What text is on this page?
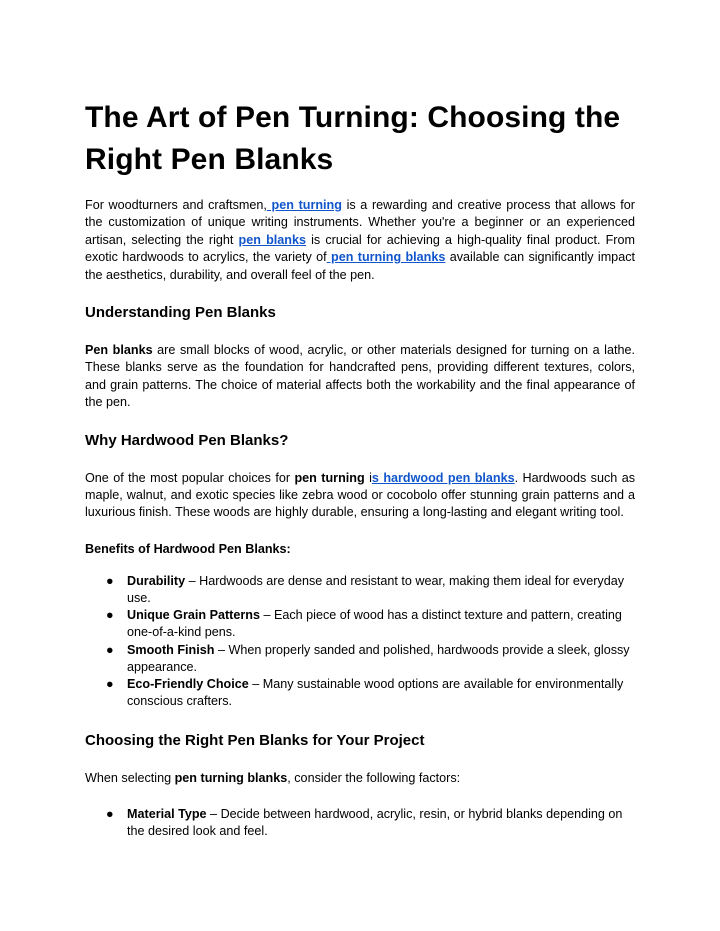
The Art of Pen Turning: Choosing the Right Pen Blanks

For woodturners and craftsmen, pen turning is a rewarding and creative process that allows for the customization of unique writing instruments. Whether you're a beginner or an experienced artisan, selecting the right pen blanks is crucial for achieving a high-quality final product. From exotic hardwoods to acrylics, the variety of pen turning blanks available can significantly impact the aesthetics, durability, and overall feel of the pen.

Understanding Pen Blanks

Pen blanks are small blocks of wood, acrylic, or other materials designed for turning on a lathe. These blanks serve as the foundation for handcrafted pens, providing different textures, colors, and grain patterns. The choice of material affects both the workability and the final appearance of the pen.

Why Hardwood Pen Blanks?

One of the most popular choices for pen turning is hardwood pen blanks. Hardwoods such as maple, walnut, and exotic species like zebra wood or cocobolo offer stunning grain patterns and a luxurious finish. These woods are highly durable, ensuring a long-lasting and elegant writing tool.

Benefits of Hardwood Pen Blanks:
● Durability – Hardwoods are dense and resistant to wear, making them ideal for everyday use.
● Unique Grain Patterns – Each piece of wood has a distinct texture and pattern, creating one-of-a-kind pens.
● Smooth Finish – When properly sanded and polished, hardwoods provide a sleek, glossy appearance.
● Eco-Friendly Choice – Many sustainable wood options are available for environmentally conscious crafters.
Choosing the Right Pen Blanks for Your Project

When selecting pen turning blanks, consider the following factors:

● Material Type – Decide between hardwood, acrylic, resin, or hybrid blanks depending on the desired look and feel.
